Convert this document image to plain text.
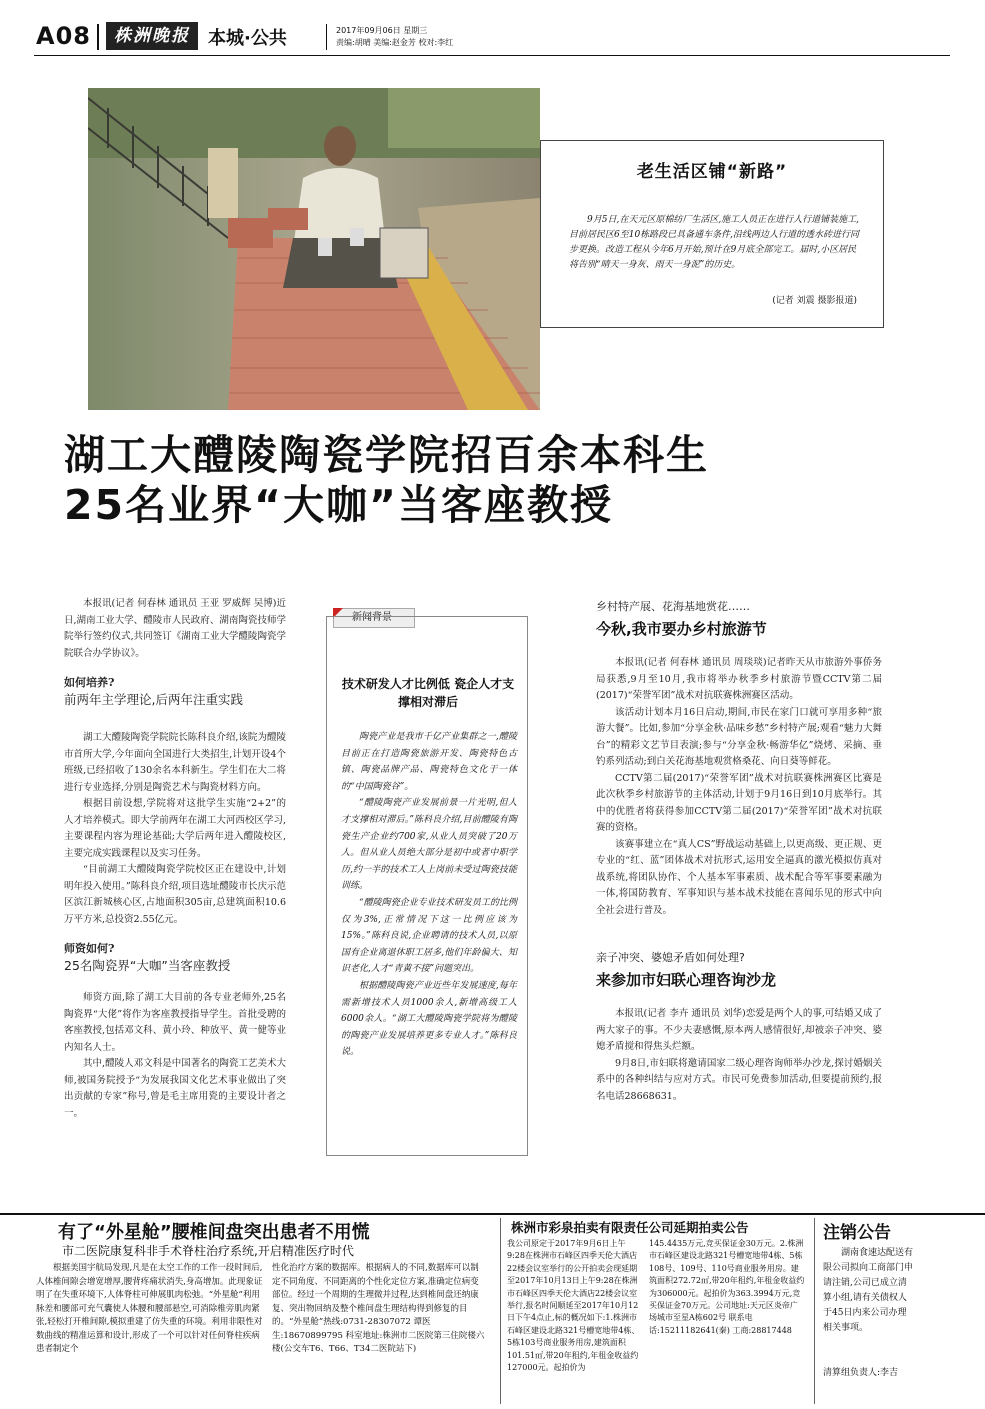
A08	株洲晚报	本城·公共	2017年09月06日 星期三
责编:胡晴 美编:赵金芳 校对:李红
老生活区铺“新路”
9月5日,在天元区原棉纺厂生活区,施工人员正在进行人行道铺装施工,目前居民区6至10栋路段已具备通车条件,沿线两边人行道的透水砖进行同步更换。改造工程从今年6月开始,预计在9月底全部完工。届时,小区居民将告别“晴天一身灰、雨天一身泥”的历史。
(记者 刘震 摄影报道)
湖工大醴陵陶瓷学院招百余本科生
25名业界“大咖”当客座教授

本报讯(记者 何春林 通讯员 王亚 罗威辉 吴博)近日,湖南工业大学、醴陵市人民政府、湖南陶瓷技师学院举行签约仪式,共同签订《湖南工业大学醴陵陶瓷学院联合办学协议》。

如何培养?
前两年主学理论,后两年注重实践

湖工大醴陵陶瓷学院院长陈科良介绍,该院为醴陵市首所大学,今年面向全国进行大类招生,计划开设4个班级,已经招收了130余名本科新生。学生们在大二将进行专业选择,分别是陶瓷艺术与陶瓷材料方向。

根据目前设想,学院将对这批学生实施“2+2”的人才培养模式。即大学前两年在湖工大河西校区学习,主要课程内容为理论基础;大学后两年进入醴陵校区,主要完成实践课程以及实习任务。

“目前湖工大醴陵陶瓷学院校区正在建设中,计划明年投入使用。”陈科良介绍,项目选址醴陵市长庆示范区滨江新城核心区,占地面积305亩,总建筑面积10.6万平方米,总投资2.55亿元。

师资如何?
25名陶瓷界“大咖”当客座教授

师资方面,除了湖工大目前的各专业老师外,25名陶瓷界“大佬”将作为客座教授指导学生。首批受聘的客座教授,包括邓文科、黄小玲、种放平、黄一健等业内知名人士。

其中,醴陵人邓文科是中国著名的陶瓷工艺美术大师,被国务院授予“为发展我国文化艺术事业做出了突出贡献的专家”称号,曾是毛主席用瓷的主要设计者之一。

新闻背景
技术研发人才比例低 瓷企人才支撑相对滞后

陶瓷产业是我市千亿产业集群之一,醴陵目前正在打造陶瓷旅游开发、陶瓷特色古镇、陶瓷品牌产品、陶瓷特色文化于一体的“中国陶瓷谷”。

“醴陵陶瓷产业发展前景一片光明,但人才支撑相对滞后。”陈科良介绍,目前醴陵有陶瓷生产企业约700家,从业人员突破了20万人。但从业人员绝大部分是初中或者中职学历,约一半的技术工人上岗前未受过陶瓷技能训练。

“醴陵陶瓷企业专业技术研发员工的比例仅为3%,正常情况下这一比例应该为15%。”陈科良说,企业聘请的技术人员,以原国有企业离退休职工居多,他们年龄偏大、知识老化,人才“青黄不接”问题突出。

根据醴陵陶瓷产业近些年发展速度,每年需新增技术人员1000余人,新增高级工人6000余人。“湖工大醴陵陶瓷学院将为醴陵的陶瓷产业发展培养更多专业人才。”陈科良说。

乡村特产展、花海基地赏花……
今秋,我市要办乡村旅游节

本报讯(记者 何春林 通讯员 周琰琰)记者昨天从市旅游外事侨务局获悉,9月至10月,我市将举办秋季乡村旅游节暨CCTV第二届(2017)“荣誉军团”战术对抗联赛株洲赛区活动。

该活动计划本月16日启动,期间,市民在家门口就可享用多种“旅游大餐”。比如,参加“分享金秋·品味乡愁”乡村特产展;观看“魅力大舞台”的精彩文艺节目表演;参与“分享金秋·畅游华亿”烧烤、采摘、垂钓系列活动;到白关花海基地观赏格桑花、向日葵等鲜花。

CCTV第二届(2017)“荣誉军团”战术对抗联赛株洲赛区比赛是此次秋季乡村旅游节的主体活动,计划于9月16日到10月底举行。其中的优胜者将获得参加CCTV第二届(2017)“荣誉军团”战术对抗联赛的资格。

该赛事建立在“真人CS”野战运动基础上,以更高级、更正规、更专业的“红、蓝”团体战术对抗形式,运用安全逼真的激光模拟仿真对战系统,将团队协作、个人基本军事素质、战术配合等军事要素融为一体,将国防教育、军事知识与基本战术技能在喜闻乐见的形式中向全社会进行普及。

亲子冲突、婆媳矛盾如何处理?
来参加市妇联心理咨询沙龙

本报讯(记者 李卉 通讯员 刘华)恋爱是两个人的事,可结婚又成了两大家子的事。不少夫妻感慨,原本两人感情很好,却被亲子冲突、婆媳矛盾搅和得焦头烂额。

9月8日,市妇联将邀请国家二级心理咨询师举办沙龙,探讨婚姻关系中的各种纠结与应对方式。市民可免费参加活动,但要提前预约,报名电话28668631。

有了“外星舱”腰椎间盘突出患者不用慌
市二医院康复科非手术脊柱治疗系统,开启精准医疗时代
根据美国宇航局发现,凡是在太空工作的工作一段时间后,人体椎间隙会增宽增厚,腰背疼痛状消失,身高增加。此现象证明了在失重环境下,人体脊柱可伸展肌肉松弛。“外星舱”利用脉差和腰部可充气囊使人体腰和腰部悬空,可消除椎旁肌肉紧张,轻松打开椎间隙,模拟重建了仿失重的环境。利用非限性对数曲线的精准运算和设计,形成了一个可以针对任何脊柱疾病患者制定个
性化治疗方案的数据库。根据病人的不同,数据库可以制定不同角度、不同距离的个性化定位方案,准确定位病变部位。经过一个周期的生理微并过程,达到椎间盘还纳康复、突出物回纳及整个椎间盘生理结构得到修复的目的。“外星舱”热线:0731-28307072 谭医生:18670899795 科室地址:株洲市二医院第三住院楼六楼(公交车T6、T66、T34二医院站下)
株洲市彩泉拍卖有限责任公司延期拍卖公告
我公司原定于2017年9月6日上午9:28在株洲市石峰区四季天伦大酒店22楼会议室举行的公开拍卖会现延期至2017年10月13日上午9:28在株洲市石峰区四季天伦大酒店22楼会议室举行,报名时间顺延至2017年10月12日下午4点止,标的概况如下:1.株洲市石峰区建设北路321号槽宽地带4栋、5栋103号商业服务用房,建筑面积101.51㎡,带20年租约,年租金收益约127000元。起拍价为
145.4435万元,竞买保证金30万元。2.株洲市石峰区建设北路321号槽宽地带4栋、5栋108号、109号、110号商业服务用房。建筑面积272.72㎡,带20年租约,年租金收益约为306000元。起拍价为363.3994万元,竞买保证金70万元。公司地址:天元区炎帝广场城市至星A栋602号 联系电话:15211182641(秦) 工商:28817448
注销公告
湖南食速达配送有限公司拟向工商部门申请注销,公司已成立清算小组,请有关债权人于45日内来公司办理相关事项。
清算组负责人:李吉
